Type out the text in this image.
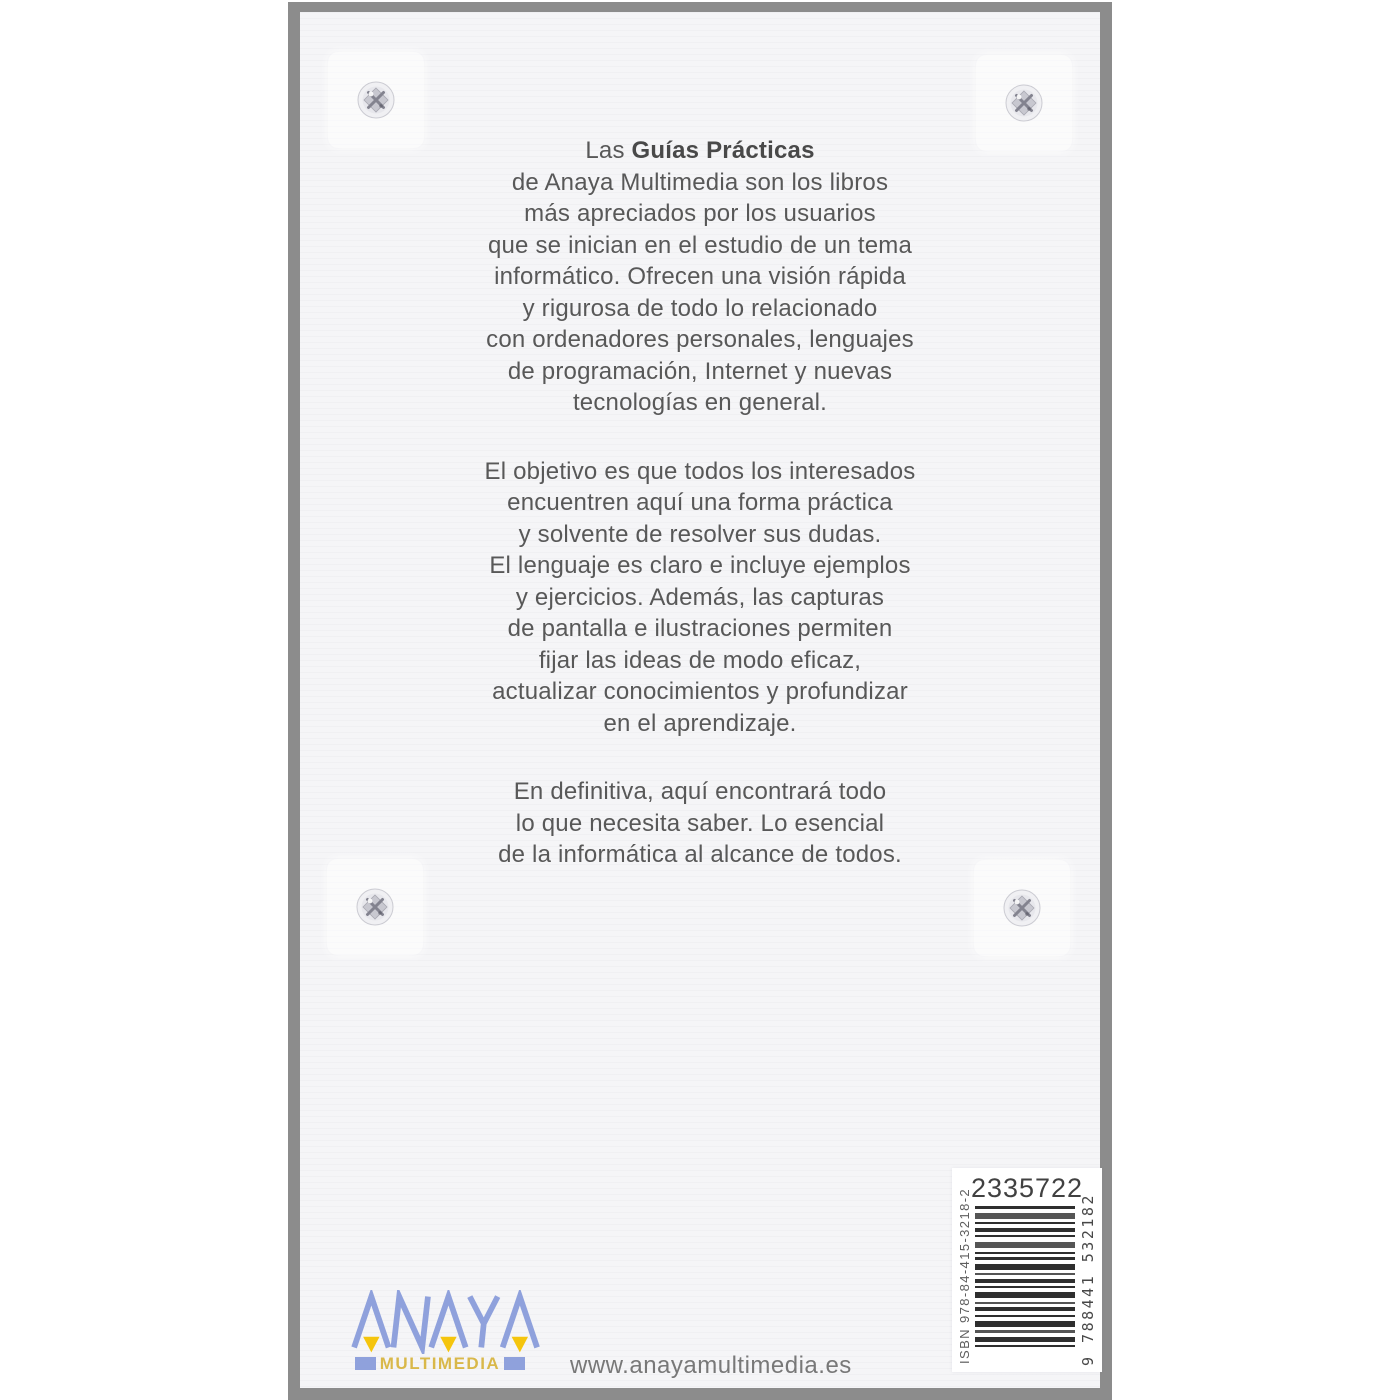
Las Guías Prácticas
de Anaya Multimedia son los libros
más apreciados por los usuarios
que se inician en el estudio de un tema
informático. Ofrecen una visión rápida
y rigurosa de todo lo relacionado
con ordenadores personales, lenguajes
de programación, Internet y nuevas
tecnologías en general.
El objetivo es que todos los interesados
encuentren aquí una forma práctica
y solvente de resolver sus dudas.
El lenguaje es claro e incluye ejemplos
y ejercicios. Además, las capturas
de pantalla e ilustraciones permiten
fijar las ideas de modo eficaz,
actualizar conocimientos y profundizar
en el aprendizaje.
En definitiva, aquí encontrará todo
lo que necesita saber. Lo esencial
de la informática al alcance de todos.
2335722
ISBN 978-84-415-3218-2	9 788441 532182
MULTIMEDIA	www.anayamultimedia.es
